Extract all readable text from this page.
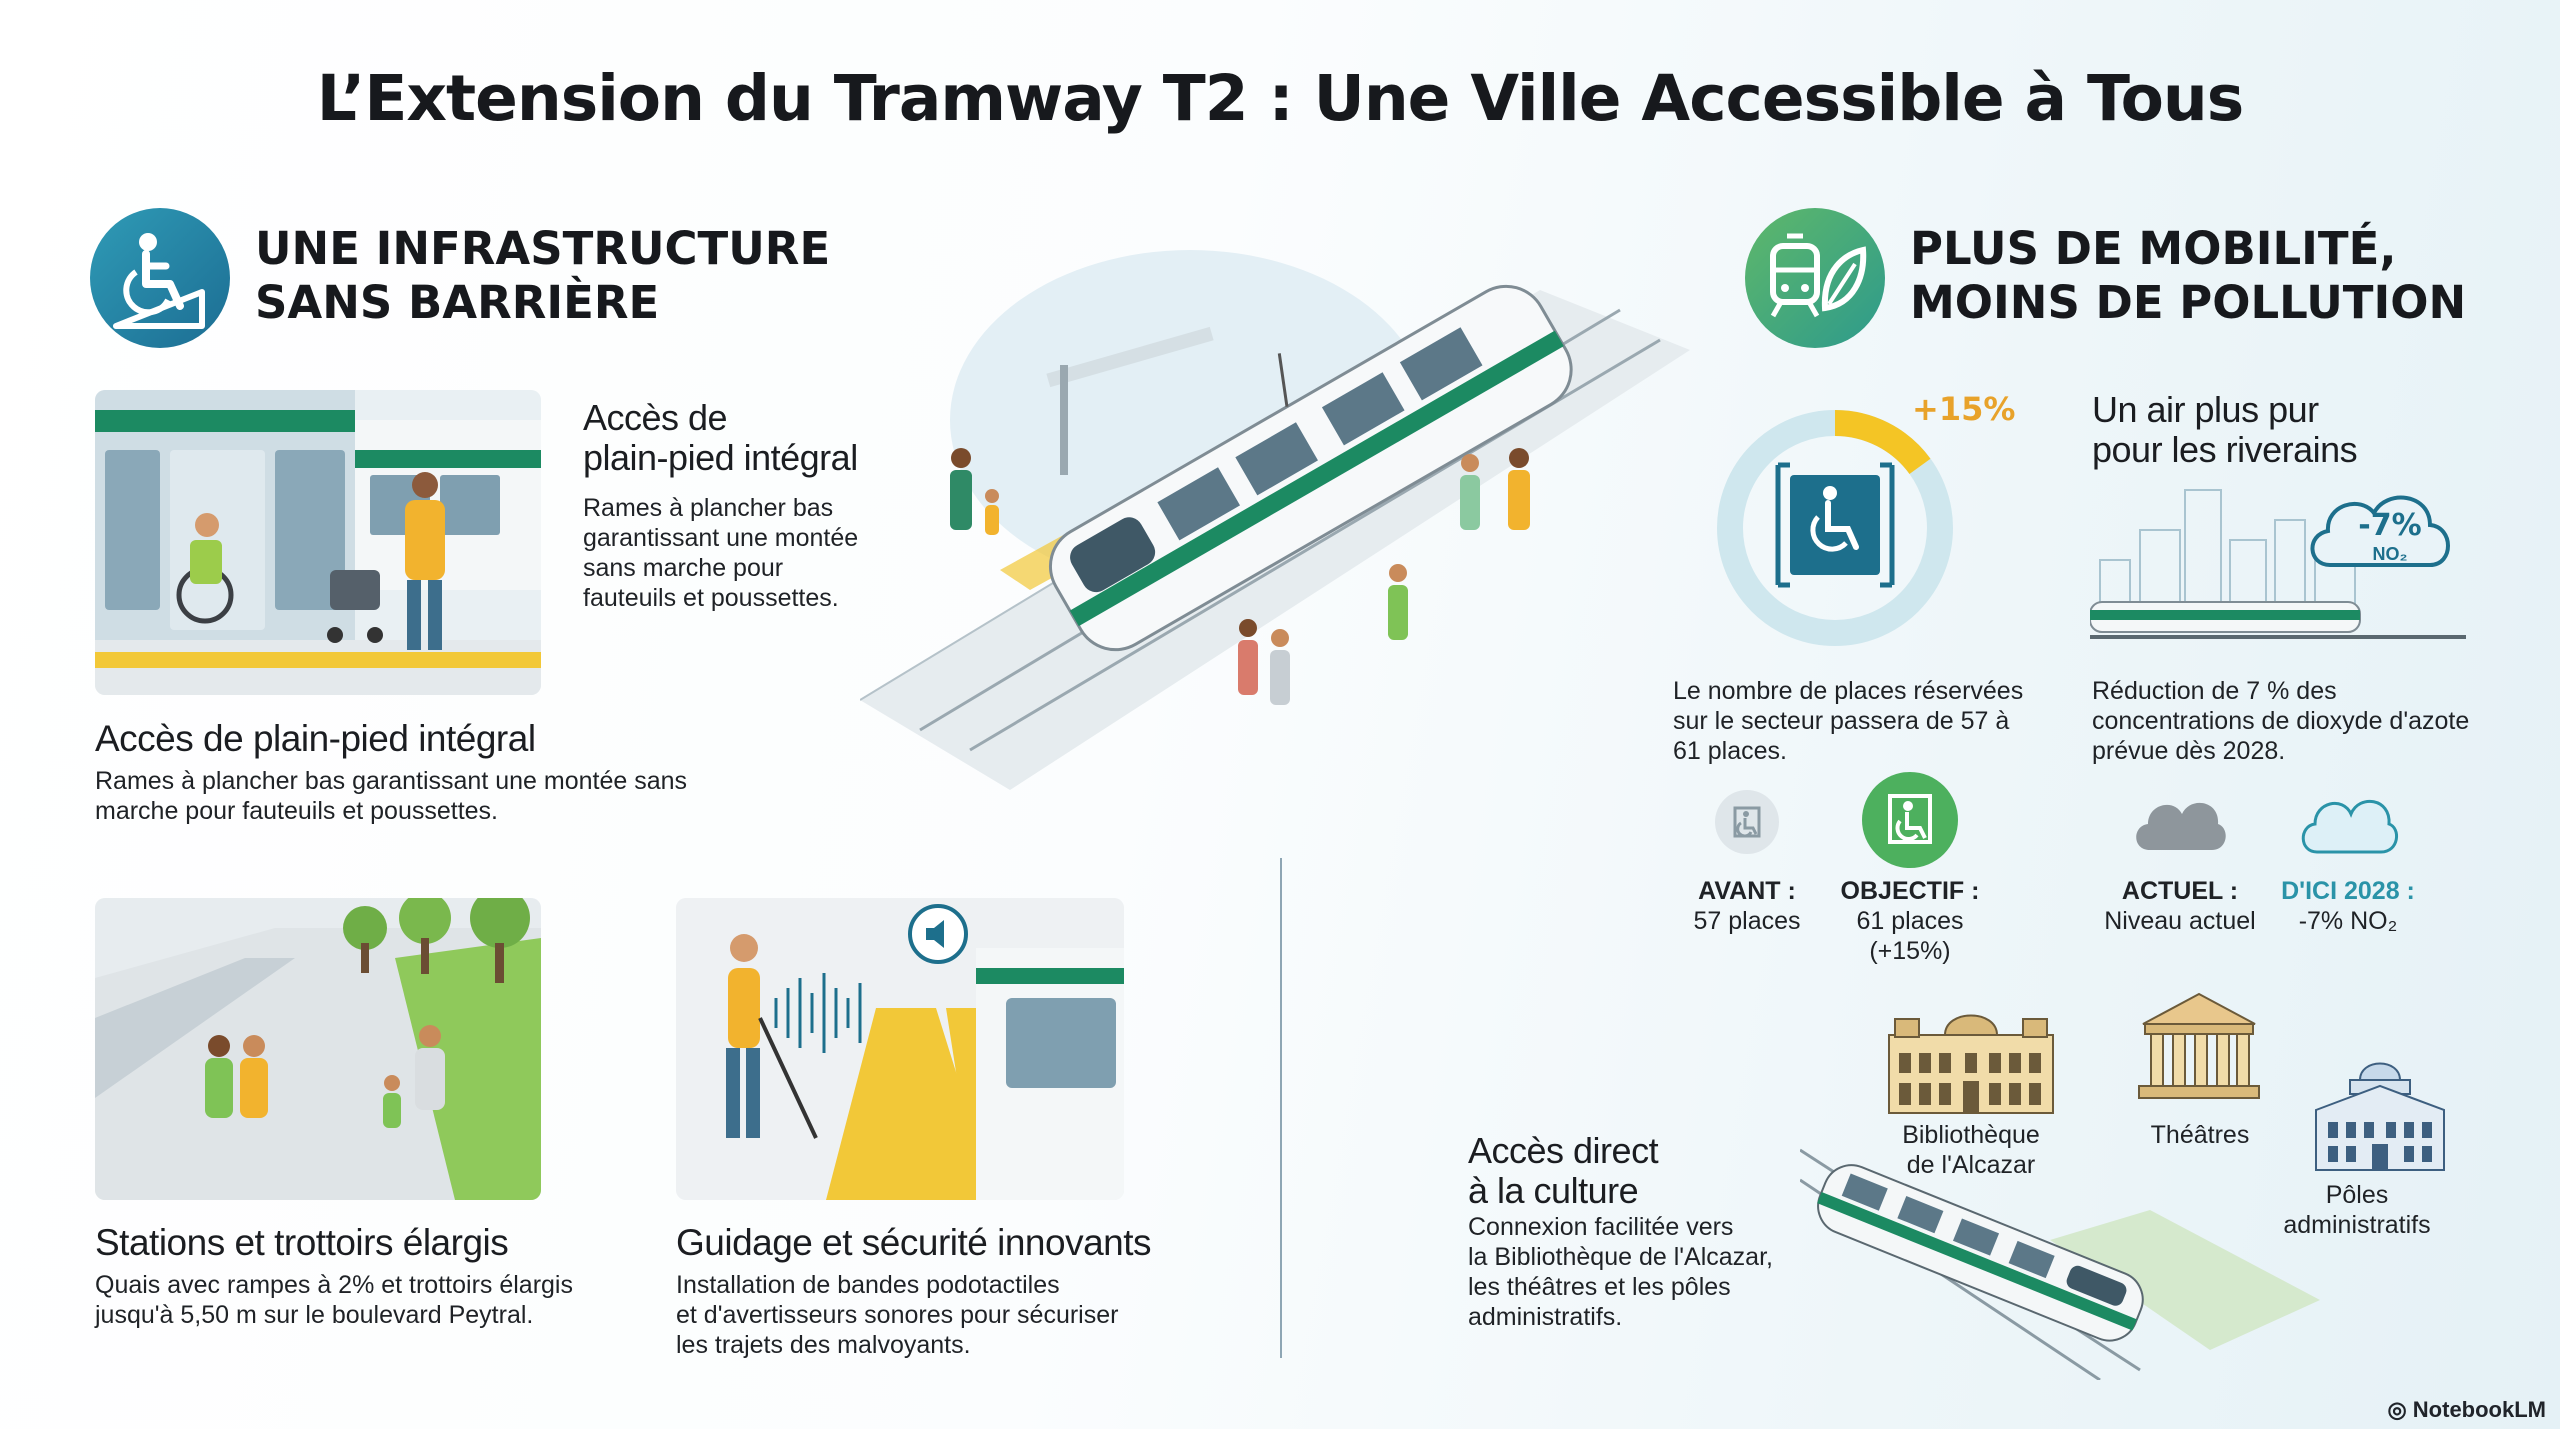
L’Extension du Tramway T2 : Une Ville Accessible à Tous
UNE INFRASTRUCTURE
SANS BARRIÈRE
Accès de
plain-pied intégral
Rames à plancher bas
garantissant une montée
sans marche pour
fauteuils et poussettes.
Accès de plain-pied intégral
Rames à plancher bas garantissant une montée sans
marche pour fauteuils et poussettes.
Stations et trottoirs élargis
Quais avec rampes à 2% et trottoirs élargis
jusqu'à 5,50 m sur le boulevard Peytral.
Guidage et sécurité innovants
Installation de bandes podotactiles
et d'avertisseurs sonores pour sécuriser
les trajets des malvoyants.
PLUS DE MOBILITÉ,
MOINS DE POLLUTION
+15%
Le nombre de places réservées
sur le secteur passera de 57 à
61 places.
AVANT :
57 places
OBJECTIF :
61 places
(+15%)
Un air plus pur
pour les riverains
-7%
NO₂
Réduction de 7 % des
concentrations de dioxyde d'azote
prévue dès 2028.
ACTUEL :
Niveau actuel
D'ICI 2028 :
-7% NO₂
Accès direct
à la culture
Connexion facilitée vers
la Bibliothèque de l'Alcazar,
les théâtres et les pôles
administratifs.
Bibliothèque
de l'Alcazar
Théâtres
Pôles
administratifs
◎ NotebookLM
